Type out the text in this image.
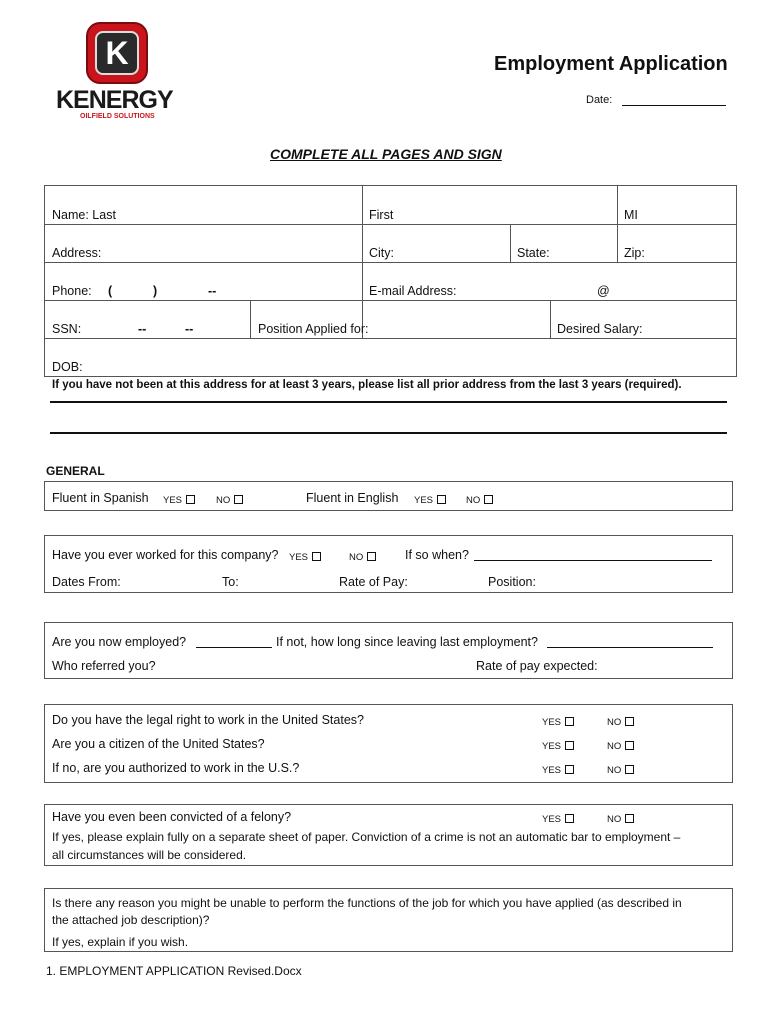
K
KENERGY
OILFIELD SOLUTIONS
Employment Application
Date:
COMPLETE ALL PAGES AND SIGN
Name: Last	First	MI
Address:	City:	State:	Zip:
Phone: (	)	--	E-mail Address:	@
SSN:	--	--	Position Applied for:	Desired Salary:
DOB:
If you have not been at this address for at least 3 years, please list all prior address from the last 3 years (required).
GENERAL
Fluent in Spanish YES	NO	Fluent in English YES	NO
Have you ever worked for this company? YES	NO	If so when?
Dates From:	To:	Rate of Pay:	Position:
Are you now employed?	If not, how long since leaving last employment?
Who referred you?	Rate of pay expected:
Do you have the legal right to work in the United States?	YES	NO
Are you a citizen of the United States?	YES	NO
If no, are you authorized to work in the U.S.?	YES	NO
Have you even been convicted of a felony?	YES	NO
If yes, please explain fully on a separate sheet of paper. Conviction of a crime is not an automatic bar to employment –
all circumstances will be considered.
Is there any reason you might be unable to perform the functions of the job for which you have applied (as described in
the attached job description)?
If yes, explain if you wish.
1. EMPLOYMENT APPLICATION Revised.Docx
